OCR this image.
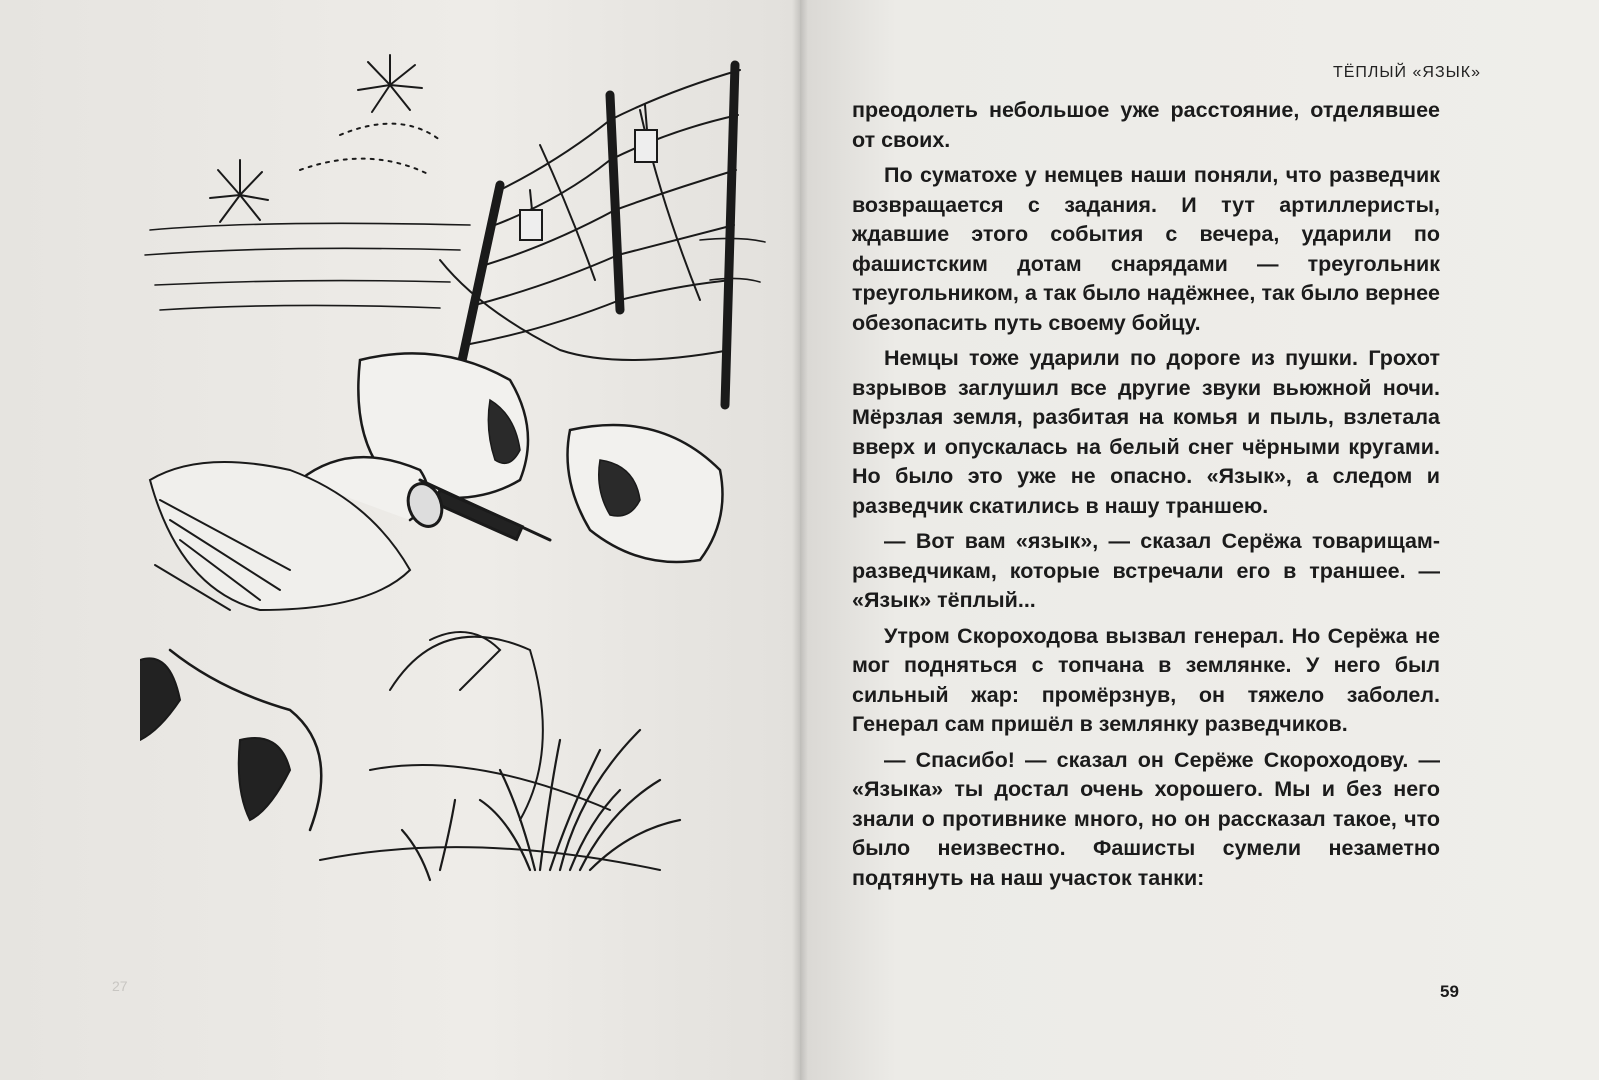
27
ТЁПЛЫЙ «ЯЗЫК»

преодолеть небольшое уже расстояние, отделявшее от своих.

По суматохе у немцев наши поняли, что разведчик возвращается с задания. И тут артиллеристы, ждавшие этого события с вечера, ударили по фашистским дотам снарядами — треугольник треугольником, а так было надёжнее, так было вернее обезопасить путь своему бойцу.

Немцы тоже ударили по дороге из пушки. Грохот взрывов заглушил все другие звуки вьюжной ночи. Мёрзлая земля, разбитая на комья и пыль, взлетала вверх и опускалась на белый снег чёрными кругами. Но было это уже не опасно. «Язык», а следом и разведчик скатились в нашу траншею.

— Вот вам «язык», — сказал Серёжа товарищам-разведчикам, которые встречали его в траншее. — «Язык» тёплый...

Утром Скороходова вызвал генерал. Но Серёжа не мог подняться с топчана в землянке. У него был сильный жар: промёрзнув, он тяжело заболел. Генерал сам пришёл в землянку разведчиков.

— Спасибо! — сказал он Серёже Скороходову. — «Языка» ты достал очень хорошего. Мы и без него знали о противнике много, но он рассказал такое, что было неизвестно. Фашисты сумели незаметно подтянуть на наш участок танки:

59
